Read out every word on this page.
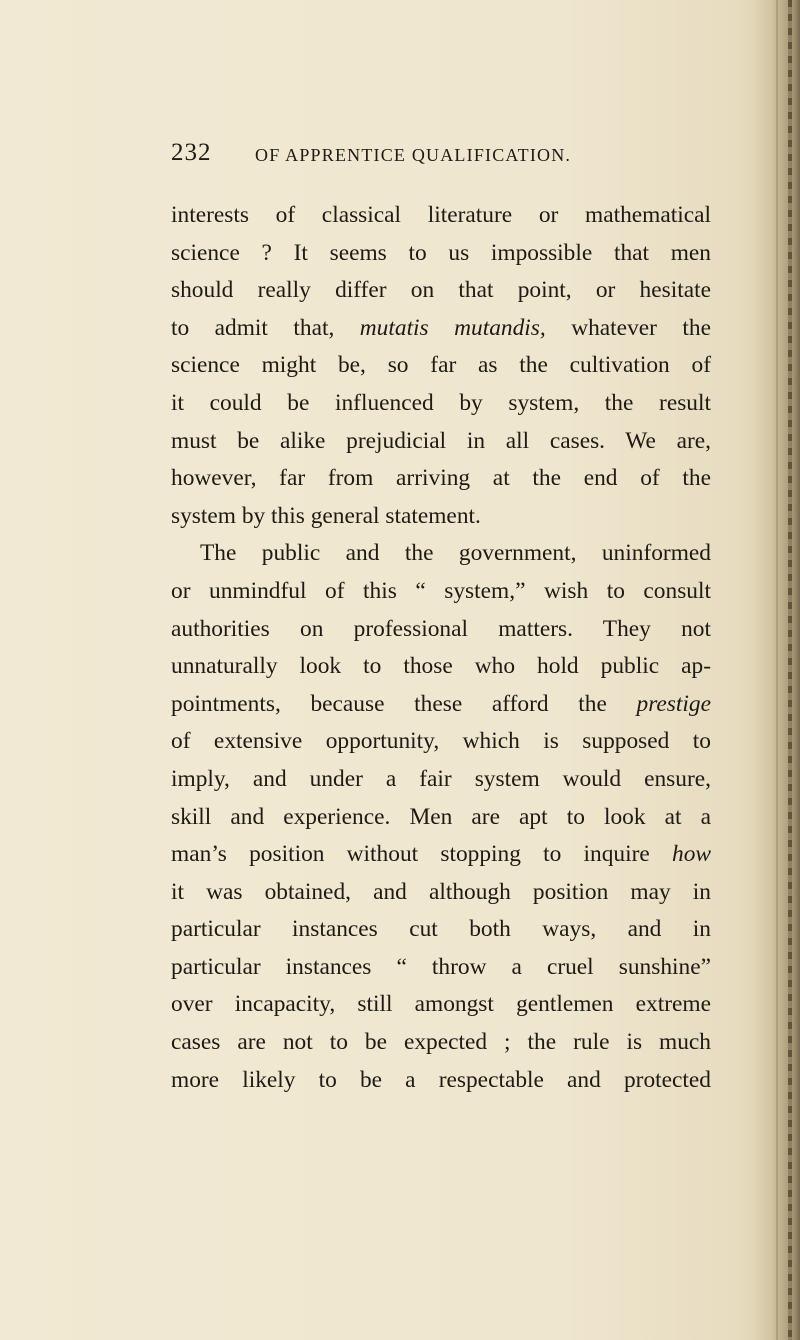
232 OF APPRENTICE QUALIFICATION.
interests of classical literature or mathematical
science ? It seems to us impossible that men
should really differ on that point, or hesitate
to admit that, mutatis mutandis, whatever the
science might be, so far as the cultivation of
it could be influenced by system, the result
must be alike prejudicial in all cases. We are,
however, far from arriving at the end of the
system by this general statement.
The public and the government, uninformed
or unmindful of this “ system,” wish to consult
authorities on professional matters. They not
unnaturally look to those who hold public ap-
pointments, because these afford the prestige
of extensive opportunity, which is supposed to
imply, and under a fair system would ensure,
skill and experience. Men are apt to look at a
man’s position without stopping to inquire how
it was obtained, and although position may in
particular instances cut both ways, and in
particular instances “ throw a cruel sunshine”
over incapacity, still amongst gentlemen extreme
cases are not to be expected ; the rule is much
more likely to be a respectable and protected
